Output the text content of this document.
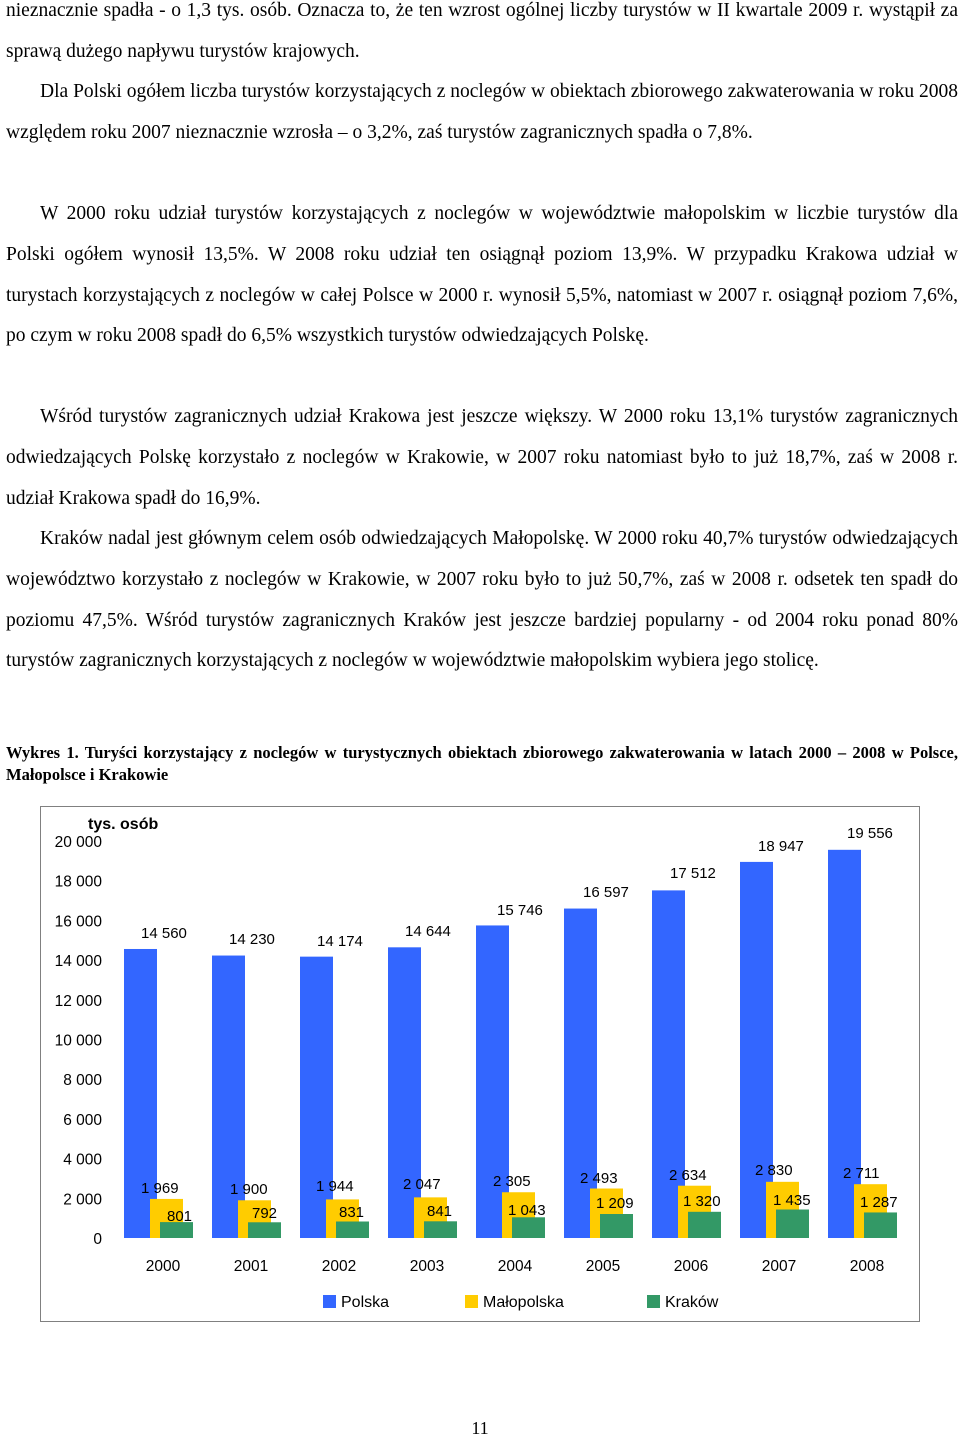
nieznacznie spadła - o 1,3 tys. osób. Oznacza to, że ten wzrost ogólnej liczby turystów w II kwartale 2009 r. wystąpił za sprawą dużego napływu turystów krajowych.

Dla Polski ogółem liczba turystów korzystających z noclegów w obiektach zbiorowego zakwaterowania w roku 2008 względem roku 2007 nieznacznie wzrosła – o 3,2%, zaś turystów zagranicznych spadła o 7,8%.

W 2000 roku udział turystów korzystających z noclegów w województwie małopolskim w liczbie turystów dla Polski ogółem wynosił 13,5%. W 2008 roku udział ten osiągnął poziom 13,9%. W przypadku Krakowa udział w turystach korzystających z noclegów w całej Polsce w 2000 r. wynosił 5,5%, natomiast w 2007 r. osiągnął poziom 7,6%, po czym w roku 2008 spadł do 6,5% wszystkich turystów odwiedzających Polskę.

Wśród turystów zagranicznych udział Krakowa jest jeszcze większy. W 2000 roku 13,1% turystów zagranicznych odwiedzających Polskę korzystało z noclegów w Krakowie, w 2007 roku natomiast było to już 18,7%, zaś w 2008 r. udział Krakowa spadł do 16,9%.

Kraków nadal jest głównym celem osób odwiedzających Małopolskę. W 2000 roku 40,7% turystów odwiedzających województwo korzystało z noclegów w Krakowie, w 2007 roku było to już 50,7%, zaś w 2008 r. odsetek ten spadł do poziomu 47,5%. Wśród turystów zagranicznych Kraków jest jeszcze bardziej popularny - od 2004 roku ponad 80% turystów zagranicznych korzystających z noclegów w województwie małopolskim wybiera jego stolicę.

Wykres 1. Turyści korzystający z noclegów w turystycznych obiektach zbiorowego zakwaterowania w latach 2000 – 2008 w Polsce, Małopolsce i Krakowie

tys. osób
0
2 000
4 000
6 000
8 000
10 000
12 000
14 000
16 000
18 000
20 000
2000	2001	2002	2003	2004	2005	2006	2007	2008
14 560	14 230	14 174
14 644
15 746
16 597
17 512
18 947
19 556
1 969	1 900	1 944	2 047	2 305	2 493	2 634	2 830	2 711
801	792	831	841	1 043	1 209	1 320	1 435	1 287
Polska	Małopolska	Kraków
11
